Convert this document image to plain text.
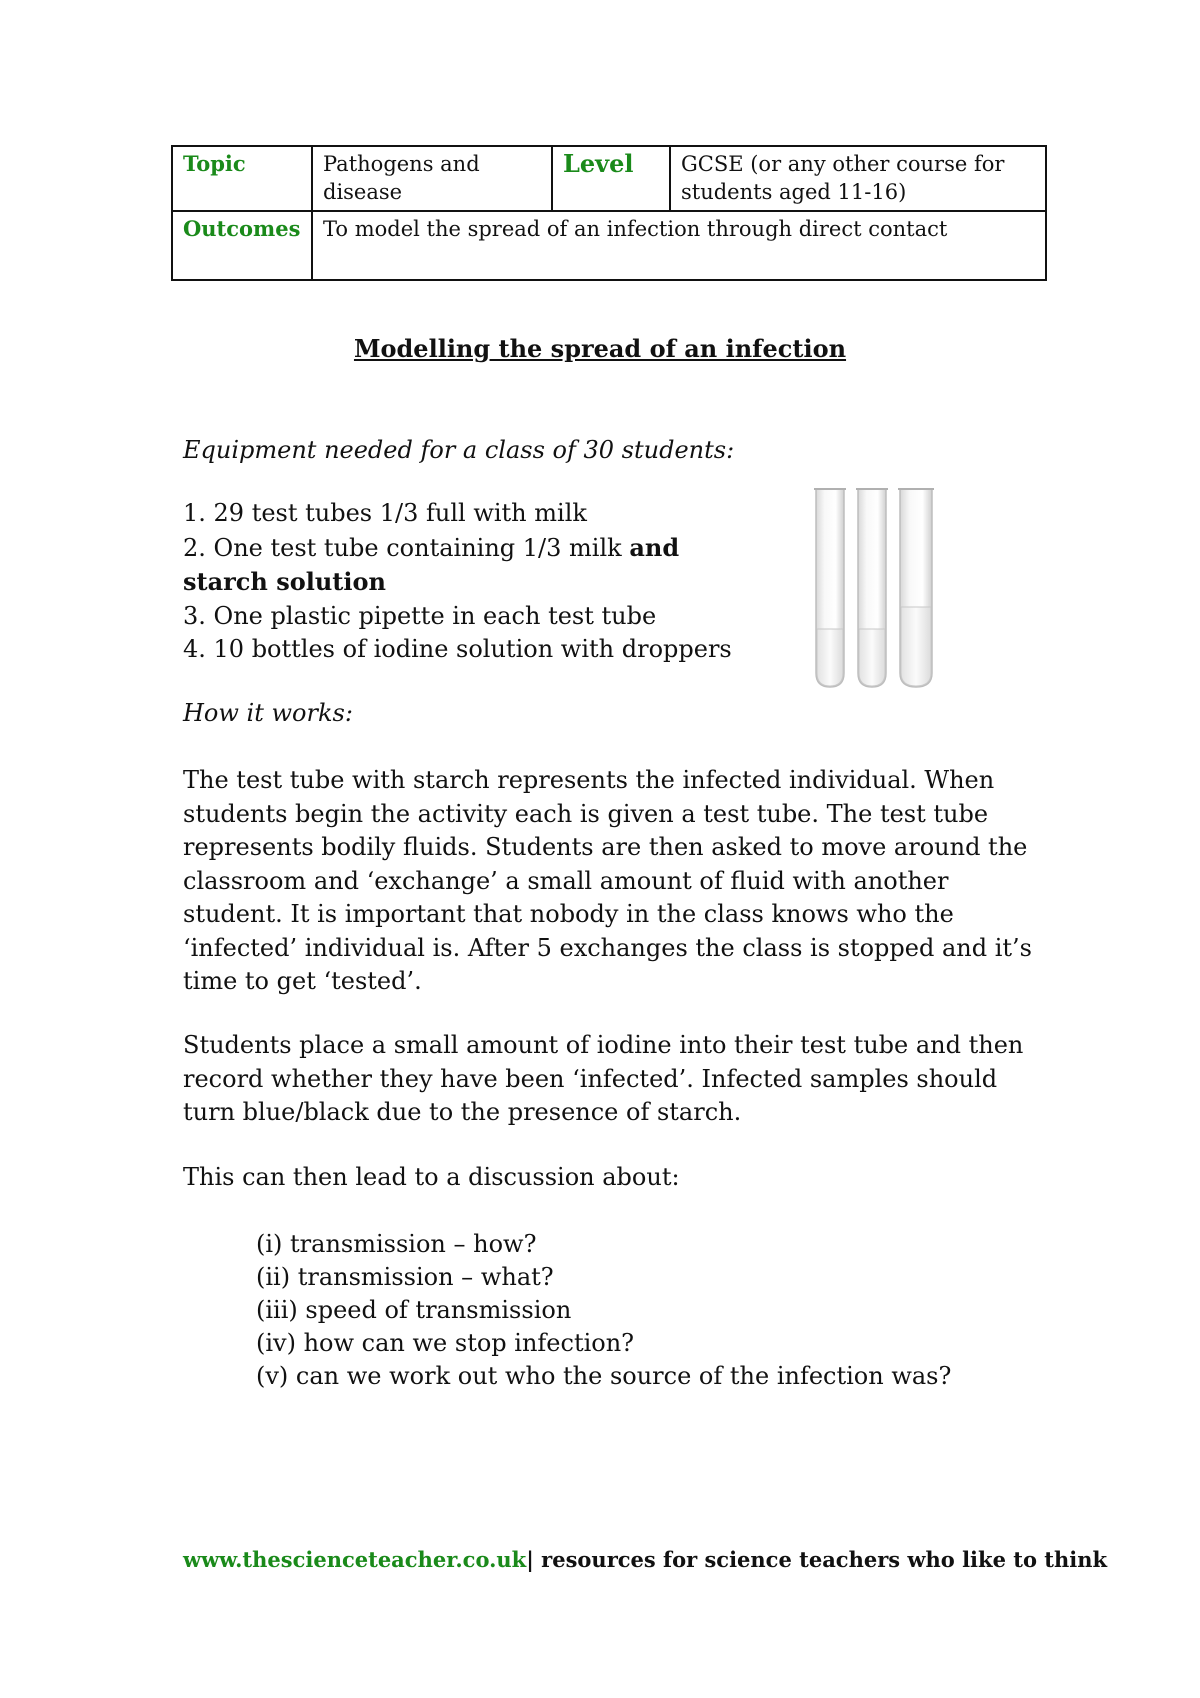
Topic	Pathogens and disease	Level	GCSE (or any other course for students aged 11-16)
Outcomes	To model the spread of an infection through direct contact		
Modelling the spread of an infection
Equipment needed for a class of 30 students:
1. 29 test tubes 1/3 full with milk
2. One test tube containing 1/3 milk and
starch solution
3. One plastic pipette in each test tube
4. 10 bottles of iodine solution with droppers
How it works:
The test tube with starch represents the infected individual. When students begin the activity each is given a test tube. The test tube represents bodily fluids. Students are then asked to move around the classroom and ‘exchange’ a small amount of fluid with another student. It is important that nobody in the class knows who the ‘infected’ individual is. After 5 exchanges the class is stopped and it’s time to get ‘tested’.
Students place a small amount of iodine into their test tube and then record whether they have been ‘infected’. Infected samples should turn blue/black due to the presence of starch.
This can then lead to a discussion about:
(i) transmission – how?
(ii) transmission – what?
(iii) speed of transmission
(iv) how can we stop infection?
(v) can we work out who the source of the infection was?
www.thescienceteacher.co.uk| resources for science teachers who like to think
